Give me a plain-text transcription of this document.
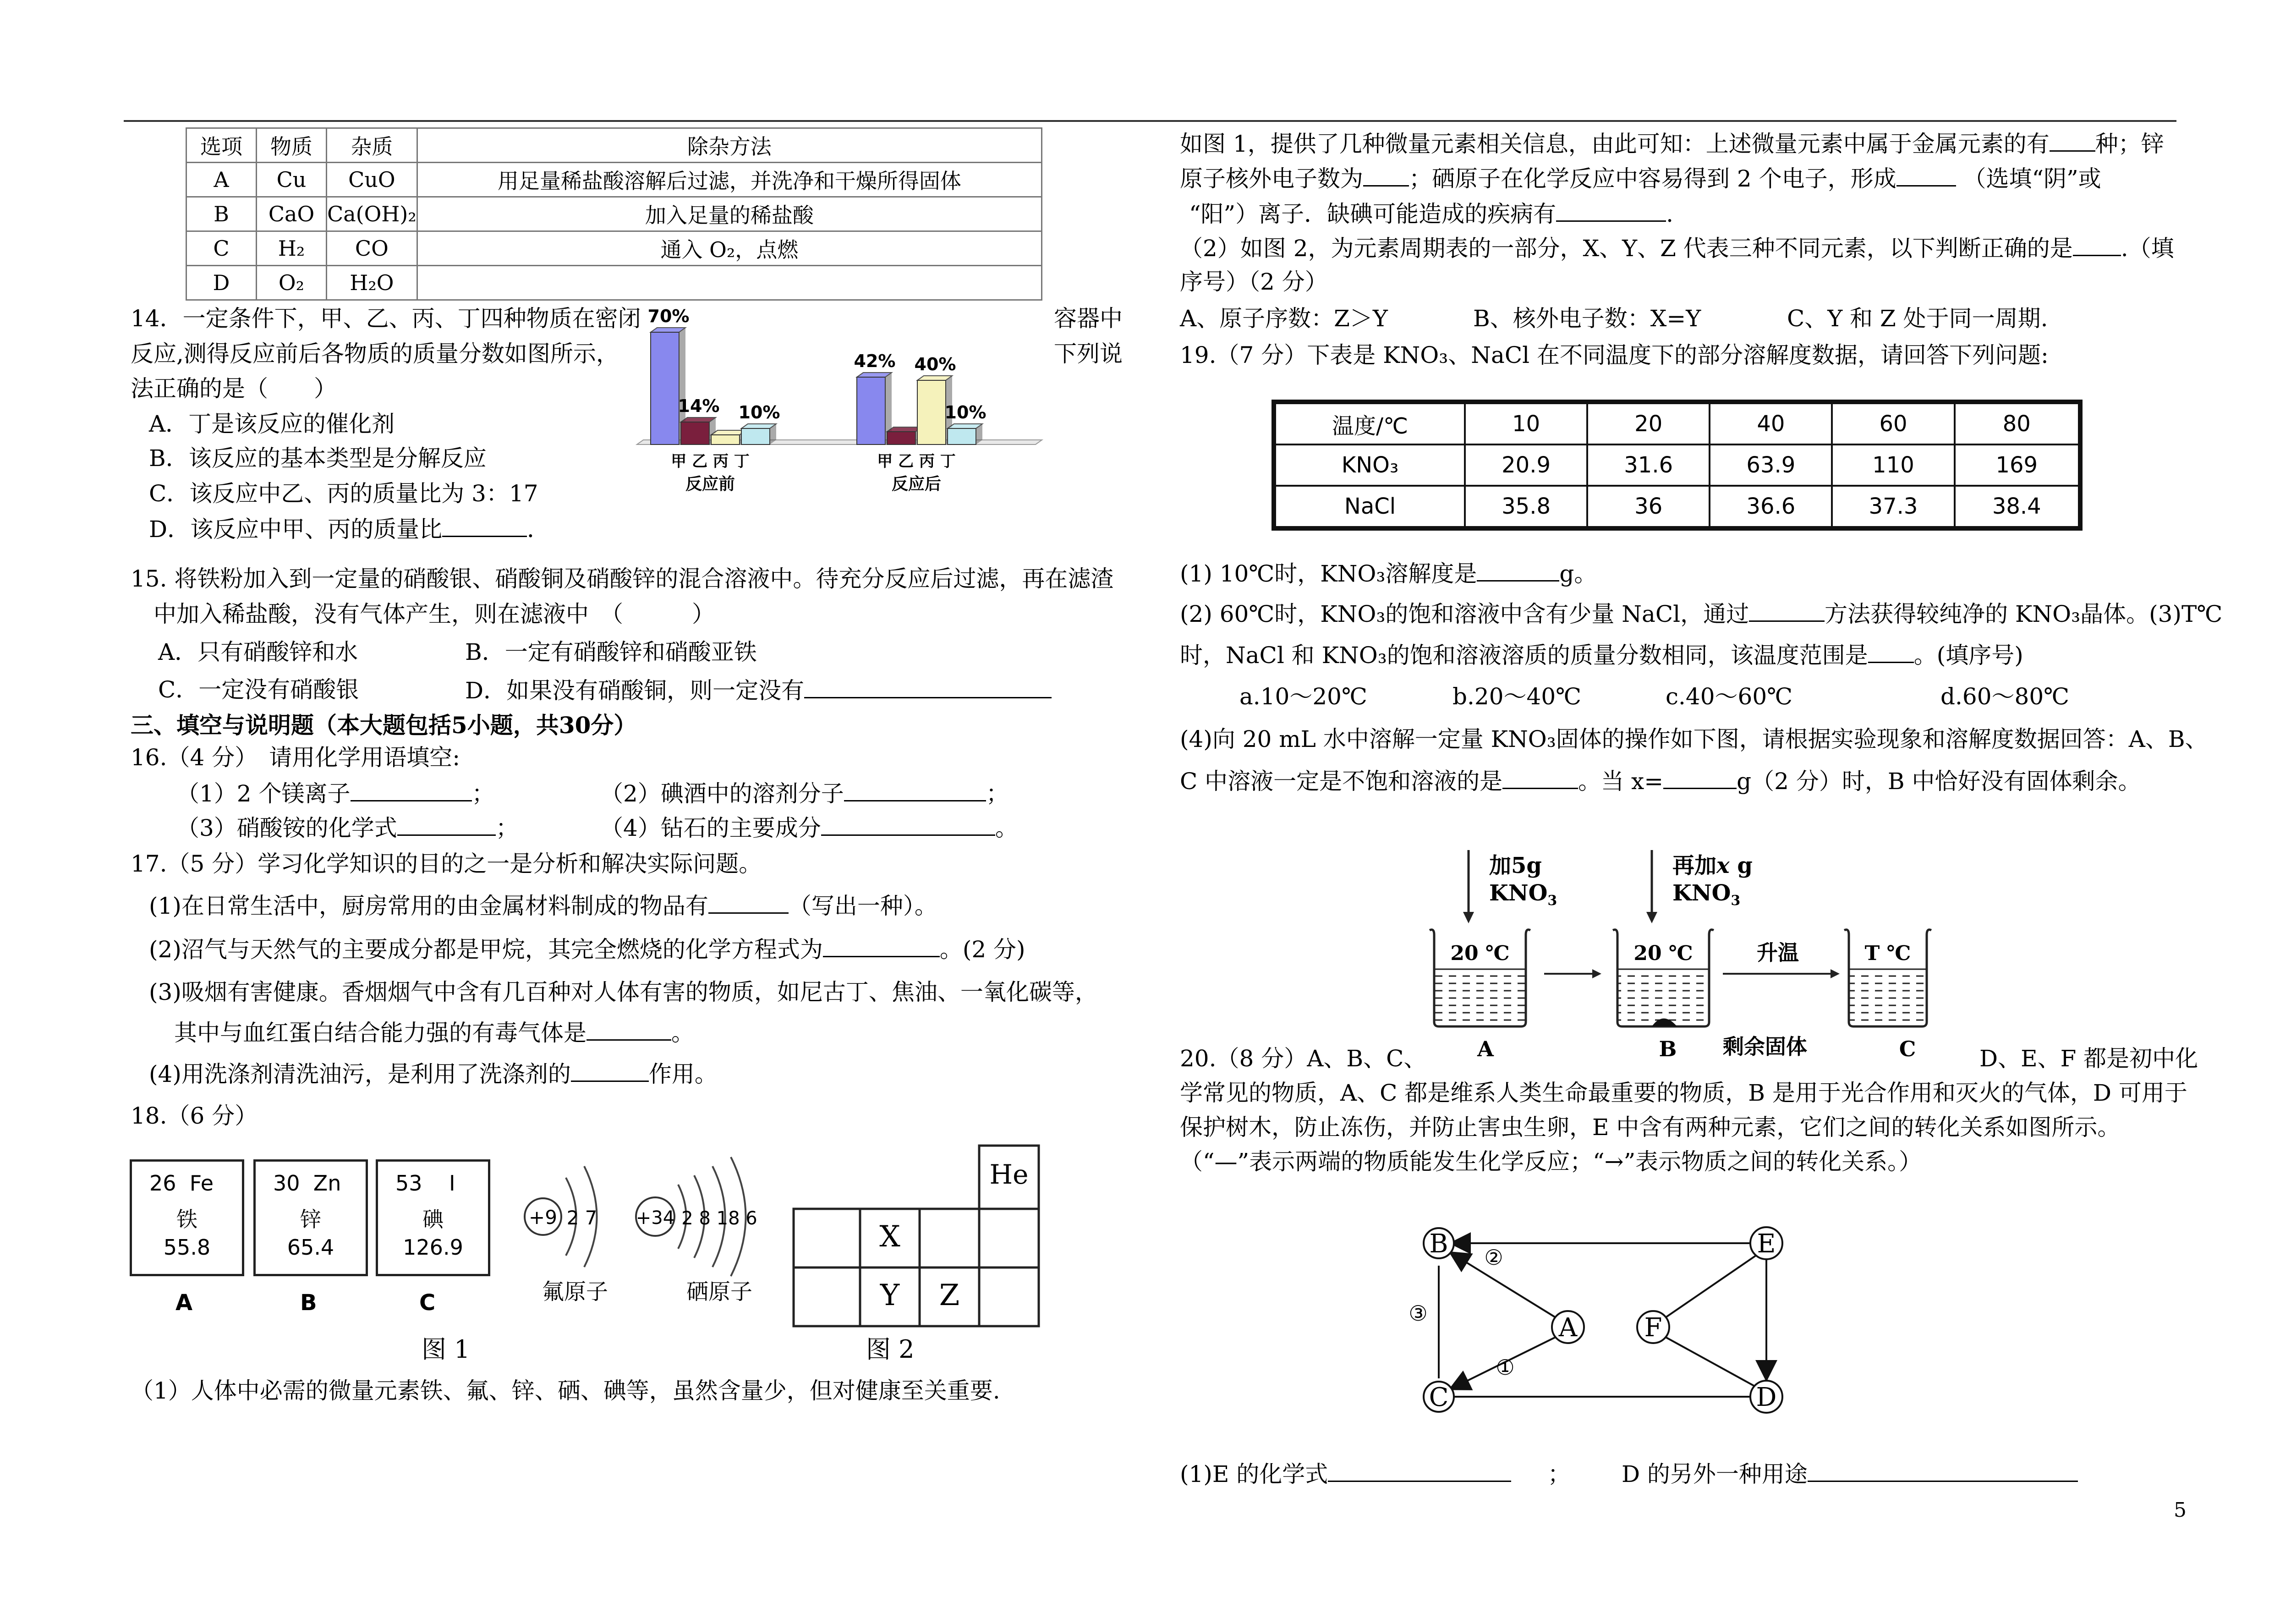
选项	物质	杂质	除杂方法
A	Cu	CuO	用足量稀盐酸溶解后过滤，并洗净和干燥所得固体
B	CaO	Ca(OH)₂	加入足量的稀盐酸
C	H₂	CO	通入 O₂，点燃
D	O₂	H₂O	
14．一定条件下，甲、乙、丙、丁四种物质在密闭	容器中
反应,测得反应前后各物质的质量分数如图所示，	下列说
法正确的是（　　）
A．丁是该反应的催化剂
B．该反应的基本类型是分解反应
C．该反应中乙、丙的质量比为 3：17
D．该反应中甲、丙的质量比	．
70%
14% 10%
甲 乙 丙 丁
反应前
42% 40%
10%
甲 乙 丙 丁
反应后
15. 将铁粉加入到一定量的硝酸银、硝酸铜及硝酸锌的混合溶液中。待充分反应后过滤，再在滤渣
中加入稀盐酸，没有气体产生，则在滤液中　（　　　）
A．只有硝酸锌和水	B．一定有硝酸锌和硝酸亚铁
C．一定没有硝酸银	D．如果没有硝酸铜，则一定没有
三、填空与说明题（本大题包括5小题，共30分）
16.（4 分）　请用化学用语填空:
（1）2 个镁离子	；	（2）碘酒中的溶剂分子	；
（3）硝酸铵的化学式	；	（4）钻石的主要成分	。
17.（5 分）学习化学知识的目的之一是分析和解决实际问题。
(1)在日常生活中，厨房常用的由金属材料制成的物品有	（写出一种）。
(2)沼气与天然气的主要成分都是甲烷，其完全燃烧的化学方程式为	。(2 分)
(3)吸烟有害健康。香烟烟气中含有几百种对人体有害的物质，如尼古丁、焦油、一氧化碳等，
其中与血红蛋白结合能力强的有毒气体是	。
(4)用洗涤剂清洗油污，是利用了洗涤剂的	作用。
18.（6 分）
26 Fe
铁
55.8
30 Zn
锌
65.4
53 I
碘
126.9
A	B	C
+9 2 7
氟原子
+34 2 8 18 6
硒原子
He
X
Y Z
图 1	图 2
（1）人体中必需的微量元素铁、氟、锌、硒、碘等，虽然含量少，但对健康至关重要.
如图 1，提供了几种微量元素相关信息，由此可知：上述微量元素中属于金属元素的有 种；锌
原子核外电子数为 ；硒原子在化学反应中容易得到 2 个电子，形成	（选填“阴”或
“阳”）离子．缺碘可能造成的疾病有	.
（2）如图 2，为元素周期表的一部分，X、Y、Z 代表三种不同元素，以下判断正确的是 .（填
序号）（2 分）
A、原子序数：Z＞Y	B、核外电子数：X=Y	C、Y 和 Z 处于同一周期.
19.（7 分）下表是 KNO₃、NaCl 在不同温度下的部分溶解度数据，请回答下列问题:
温度/℃	10	20	40	60	80
KNO₃	20.9	31.6	63.9	110	169
NaCl	35.8	36	36.6	37.3	38.4
(1) 10℃时，KNO₃溶解度是	g。
(2) 60℃时，KNO₃的饱和溶液中含有少量 NaCl，通过	方法获得较纯净的 KNO₃晶体。(3)T℃
时，NaCl 和 KNO₃的饱和溶液溶质的质量分数相同，该温度范围是 。(填序号)
a.10～20℃	b.20～40℃	c.40～60℃	d.60～80℃
(4)向 20 mL 水中溶解一定量 KNO₃固体的操作如下图，请根据实验现象和溶解度数据回答：A、B、
C 中溶液一定是不饱和溶液的是	。当 x=	g（2 分）时，B 中恰好没有固体剩余。
加5g
$KNO_3$
再加x g
$KNO_3$
20 ℃	20 ℃
剩余固体
升温	T ℃
A	B	C
20.（8 分）A、B、C、	D、E、F 都是初中化
学常见的物质，A、C 都是维系人类生命最重要的物质，B 是用于光合作用和灭火的气体，D 可用于
保护树木，防止冻伤，并防止害虫生卵，E 中含有两种元素，它们之间的转化关系如图所示。
（“—”表示两端的物质能发生化学反应；“→”表示物质之间的转化关系。）
B
A
C
E
F
D
②
③
①
(1)E 的化学式	； D 的另外一种用途
5
